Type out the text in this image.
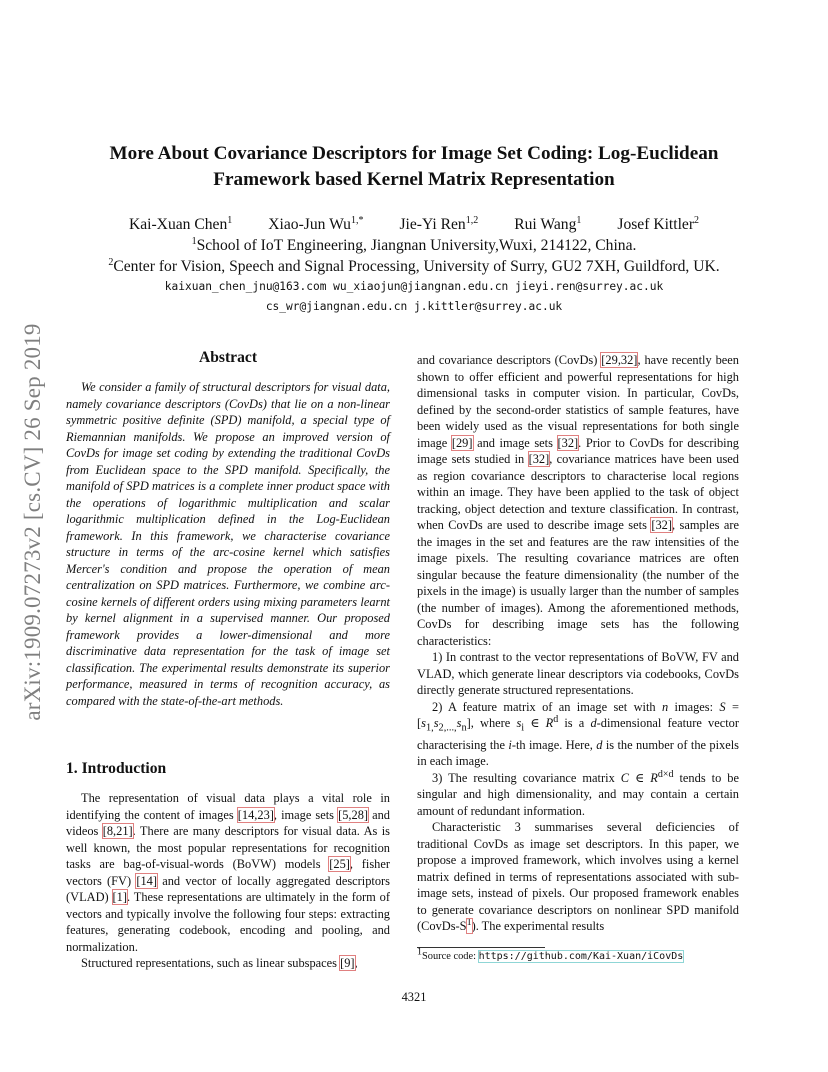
arXiv:1909.07273v2 [cs.CV] 26 Sep 2019
More About Covariance Descriptors for Image Set Coding: Log-Euclidean
Framework based Kernel Matrix Representation
Kai-Xuan Chen$^1$ Xiao-Jun $Wu^{1,*}$ Jie-Yi Ren$^{1,2}$ Rui Wang$^1$ Josef Kittler$^2$
$^1$School of IoT Engineering, Jiangnan University,Wuxi, 214122, China.
$^2$Center for Vision, Speech and Signal Processing, University of Surry, GU2 7XH, Guildford, UK.
kaixuan_chen_jnu@163.com wu_xiaojun@jiangnan.edu.cn jieyi.ren@surrey.ac.uk
cs_wr@jiangnan.edu.cn j.kittler@surrey.ac.uk
Abstract

We consider a family of structural descriptors for visual data, namely covariance descriptors (CovDs) that lie on a non-linear symmetric positive definite (SPD) manifold, a special type of Riemannian manifolds. We propose an improved version of CovDs for image set coding by extending the traditional CovDs from Euclidean space to the SPD manifold. Specifically, the manifold of SPD matrices is a complete inner product space with the operations of logarithmic multiplication and scalar logarithmic multiplication defined in the Log-Euclidean framework. In this framework, we characterise covariance structure in terms of the arc-cosine kernel which satisfies Mercer's condition and propose the operation of mean centralization on SPD matrices. Furthermore, we combine arc-cosine kernels of different orders using mixing parameters learnt by kernel alignment in a supervised manner. Our proposed framework provides a lower-dimensional and more discriminative data representation for the task of image set classification. The experimental results demonstrate its superior performance, measured in terms of recognition accuracy, as compared with the state-of-the-art methods.

1. Introduction

The representation of visual data plays a vital role in identifying the content of images [14,23], image sets [5,28] and videos [8,21]. There are many descriptors for visual data. As is well known, the most popular representations for recognition tasks are bag-of-visual-words (BoVW) models [25], fisher vectors (FV) [14] and vector of locally aggregated descriptors (VLAD) [1]. These representations are ultimately in the form of vectors and typically involve the following four steps: extracting features, generating codebook, encoding and pooling, and normalization.

Structured representations, such as linear subspaces [9],

and covariance descriptors (CovDs) [29,32], have recently been shown to offer efficient and powerful representations for high dimensional tasks in computer vision. In particular, CovDs, defined by the second-order statistics of sample features, have been widely used as the visual representations for both single image [29] and image sets [32]. Prior to CovDs for describing image sets studied in [32], covariance matrices have been used as region covariance descriptors to characterise local regions within an image. They have been applied to the task of object tracking, object detection and texture classification. In contrast, when CovDs are used to describe image sets [32], samples are the images in the set and features are the raw intensities of the image pixels. The resulting covariance matrices are often singular because the feature dimensionality (the number of the pixels in the image) is usually larger than the number of samples (the number of images). Among the aforementioned methods, CovDs for describing image sets has the following characteristics:

1) In contrast to the vector representations of BoVW, FV and VLAD, which generate linear descriptors via codebooks, CovDs directly generate structured representations.

2) A feature matrix of an image set with n images: $S = [s_{1,}s_{2,...,}s_n]$, where $s_i$ ∈ $R^d$ is a d-dimensional feature vector characterising the i-th image. Here, d is the number of the pixels in each image.

3) The resulting covariance matrix C ∈ $R^{d\times d}$ tends to be singular and high dimensionality, and may contain a certain amount of redundant information.

Characteristic 3 summarises several deficiencies of traditional CovDs as image set descriptors. In this paper, we propose a improved framework, which involves using a kernel matrix defined in terms of representations associated with sub-image sets, instead of pixels. Our proposed framework enables to generate covariance descriptors on nonlinear SPD manifold $(CovDs-S^1)$. The experimental results

$^1$Source code: https://github.com/Kai-Xuan/iCovDs
4321
